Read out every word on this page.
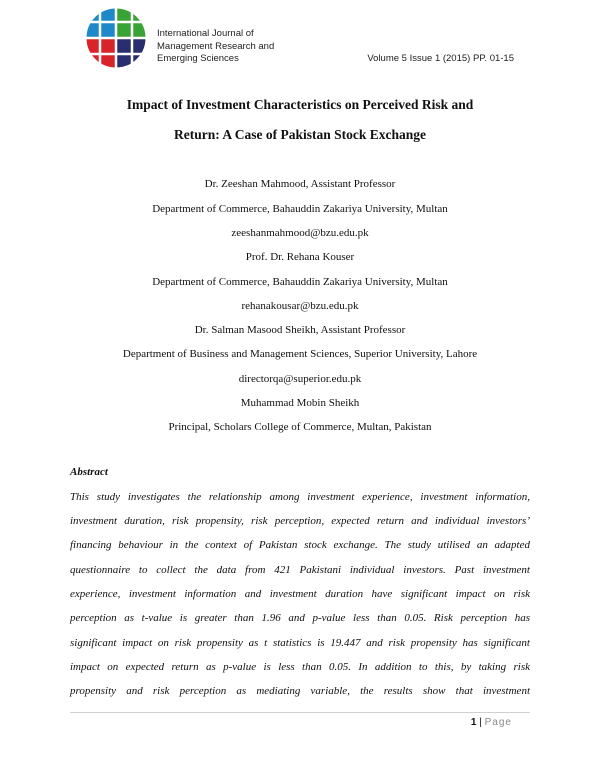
International Journal of
Management Research and
Emerging Sciences	Volume 5 Issue 1 (2015) PP. 01-15
Impact of Investment Characteristics on Perceived Risk and
Return: A Case of Pakistan Stock Exchange
Dr. Zeeshan Mahmood, Assistant Professor
Department of Commerce, Bahauddin Zakariya University, Multan
zeeshanmahmood@bzu.edu.pk
Prof. Dr. Rehana Kouser
Department of Commerce, Bahauddin Zakariya University, Multan
rehanakousar@bzu.edu.pk
Dr. Salman Masood Sheikh, Assistant Professor
Department of Business and Management Sciences, Superior University, Lahore
directorqa@superior.edu.pk
Muhammad Mobin Sheikh
Principal, Scholars College of Commerce, Multan, Pakistan
Abstract
This study investigates the relationship among investment experience, investment information,
investment duration, risk propensity, risk perception, expected return and individual investors’
financing behaviour in the context of Pakistan stock exchange. The study utilised an adapted
questionnaire to collect the data from 421 Pakistani individual investors. Past investment
experience, investment information and investment duration have significant impact on risk
perception as t-value is greater than 1.96 and p-value less than 0.05. Risk perception has
significant impact on risk propensity as t statistics is 19.447 and risk propensity has significant
impact on expected return as p-value is less than 0.05. In addition to this, by taking risk
propensity and risk perception as mediating variable, the results show that investment
1 | Page
